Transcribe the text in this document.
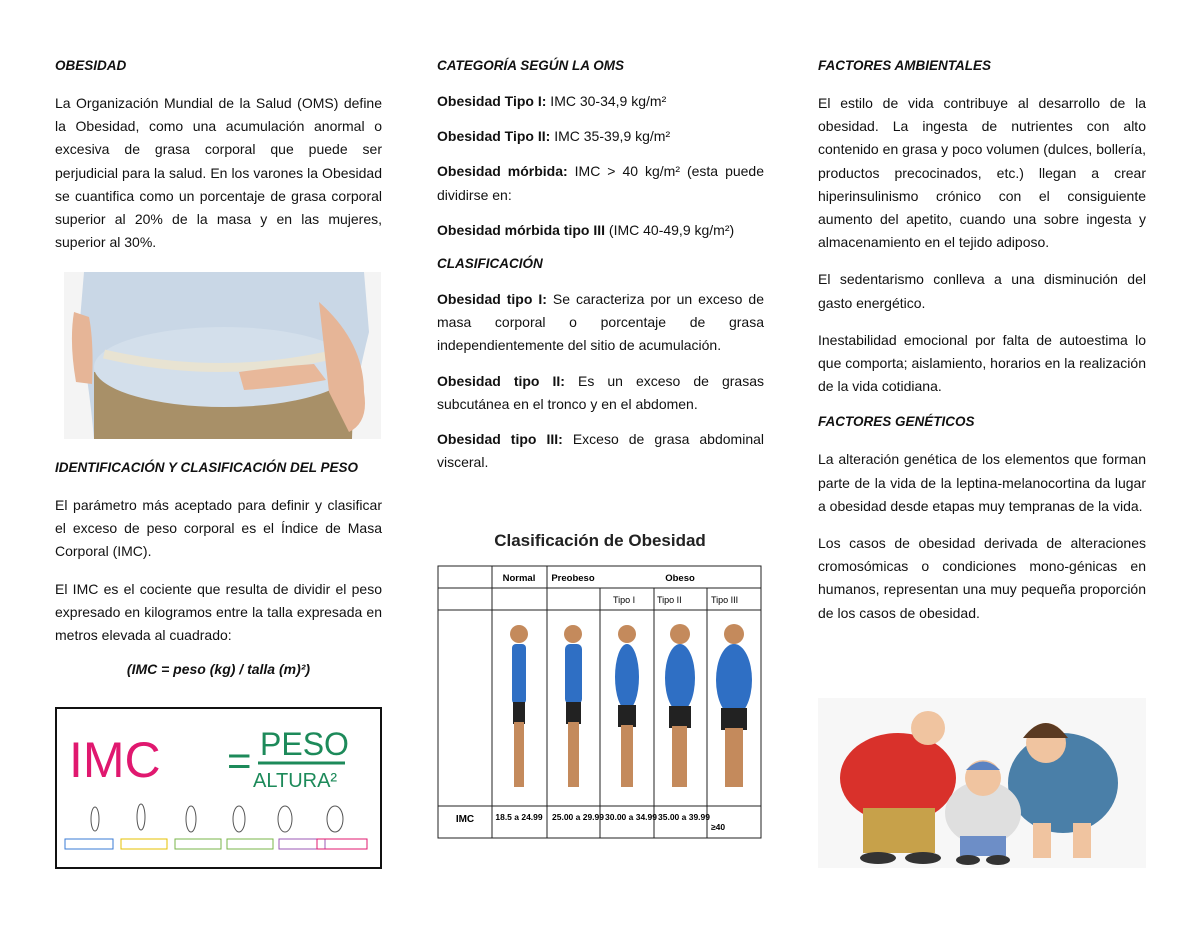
OBESIDAD

La Organización Mundial de la Salud (OMS) define la Obesidad, como una acumulación anormal o excesiva de grasa corporal que puede ser perjudicial para la salud. En los varones la Obesidad se cuantifica como un porcentaje de grasa corporal superior al 20% de la masa y en las mujeres, superior al 30%.

IDENTIFICACIÓN Y CLASIFICACIÓN DEL PESO

El parámetro más aceptado para definir y clasificar el exceso de peso corporal es el Índice de Masa Corporal (IMC).

El IMC es el cociente que resulta de dividir el peso expresado en kilogramos entre la talla expresada en metros elevada al cuadrado:

(IMC = peso (kg) / talla (m)²)
IMC = PESO
ALTURA²
CATEGORÍA SEGÚN LA OMS

Obesidad Tipo I: IMC 30-34,9 kg/m²

Obesidad Tipo II: IMC 35-39,9 kg/m²

Obesidad mórbida: IMC > 40 kg/m² (esta puede dividirse en:

Obesidad mórbida tipo III (IMC 40-49,9 kg/m²)

CLASIFICACIÓN

Obesidad tipo I: Se caracteriza por un exceso de masa corporal o porcentaje de grasa independientemente del sitio de acumulación.

Obesidad tipo II: Es un exceso de grasas subcutánea en el tronco y en el abdomen.

Obesidad tipo III: Exceso de grasa abdominal visceral.

Clasificación de Obesidad
Normal Preobeso	Obeso
Tipo I Tipo II	Tipo III
IMC 18.5 a 24.99 25.00 a 29.99 30.00 a 34.99 35.00 a 39.99
≥40
FACTORES AMBIENTALES

El estilo de vida contribuye al desarrollo de la obesidad. La ingesta de nutrientes con alto contenido en grasa y poco volumen (dulces, bollería, productos precocinados, etc.) llegan a crear hiperinsulinismo crónico con el consiguiente aumento del apetito, cuando una sobre ingesta y almacenamiento en el tejido adiposo.

El sedentarismo conlleva a una disminución del gasto energético.

Inestabilidad emocional por falta de autoestima lo que comporta; aislamiento, horarios en la realización de la vida cotidiana.

FACTORES GENÉTICOS

La alteración genética de los elementos que forman parte de la vida de la leptina-melanocortina da lugar a obesidad desde etapas muy tempranas de la vida.

Los casos de obesidad derivada de alteraciones cromosómicas o condiciones mono-génicas en humanos, representan una muy pequeña proporción de los casos de obesidad.
